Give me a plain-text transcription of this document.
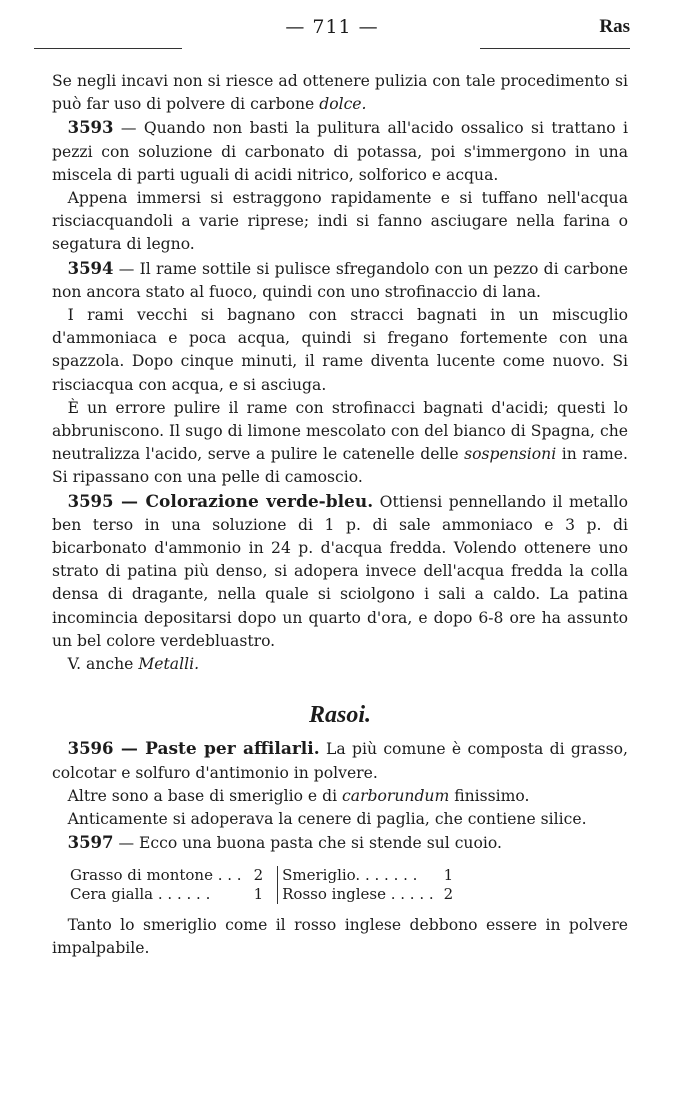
— 711 —	Ras

Se negli incavi non si riesce ad ottenere pulizia con tale procedimento si può far uso di polvere di carbone dolce.

 3593 — Quando non basti la pulitura all'acido ossalico si trattano i pezzi con soluzione di carbonato di potassa, poi s'immergono in una miscela di parti uguali di acidi nitrico, solforico e acqua.

 Appena immersi si estraggono rapidamente e si tuffano nell'acqua risciacquandoli a varie riprese; indi si fanno asciugare nella farina o segatura di legno.

 3594 — Il rame sottile si pulisce sfregandolo con un pezzo di carbone non ancora stato al fuoco, quindi con uno strofinaccio di lana.

 I rami vecchi si bagnano con stracci bagnati in un miscuglio d'ammoniaca e poca acqua, quindi si fregano fortemente con una spazzola. Dopo cinque minuti, il rame diventa lucente come nuovo. Si risciacqua con acqua, e si asciuga.

 È un errore pulire il rame con strofinacci bagnati d'acidi; questi lo abbruniscono. Il sugo di limone mescolato con del bianco di Spagna, che neutralizza l'acido, serve a pulire le catenelle delle sospensioni in rame. Si ripassano con una pelle di camoscio.

 3595 — Colorazione verde-bleu. Ottiensi pennellando il metallo ben terso in una soluzione di 1 p. di sale ammoniaco e 3 p. di bicarbonato d'ammonio in 24 p. d'acqua fredda. Volendo ottenere uno strato di patina più denso, si adopera invece dell'acqua fredda la colla densa di dragante, nella quale si sciolgono i sali a caldo. La patina incomincia depositarsi dopo un quarto d'ora, e dopo 6-8 ore ha assunto un bel colore verdebluastro.

 V. anche Metalli.

Rasoi.

 3596 — Paste per affilarli. La più comune è composta di grasso, colcotar e solfuro d'antimonio in polvere.

 Altre sono a base di smeriglio e di carborundum finissimo.

 Anticamente si adoperava la cenere di paglia, che contiene silice.

 3597 — Ecco una buona pasta che si stende sul cuoio.

Grasso di montone . . .	2	Smeriglio. . . . . . .	1
Cera gialla . . . . . .	1	Rosso inglese . . . . .	2

 Tanto lo smeriglio come il rosso inglese debbono essere in polvere impalpabile.
